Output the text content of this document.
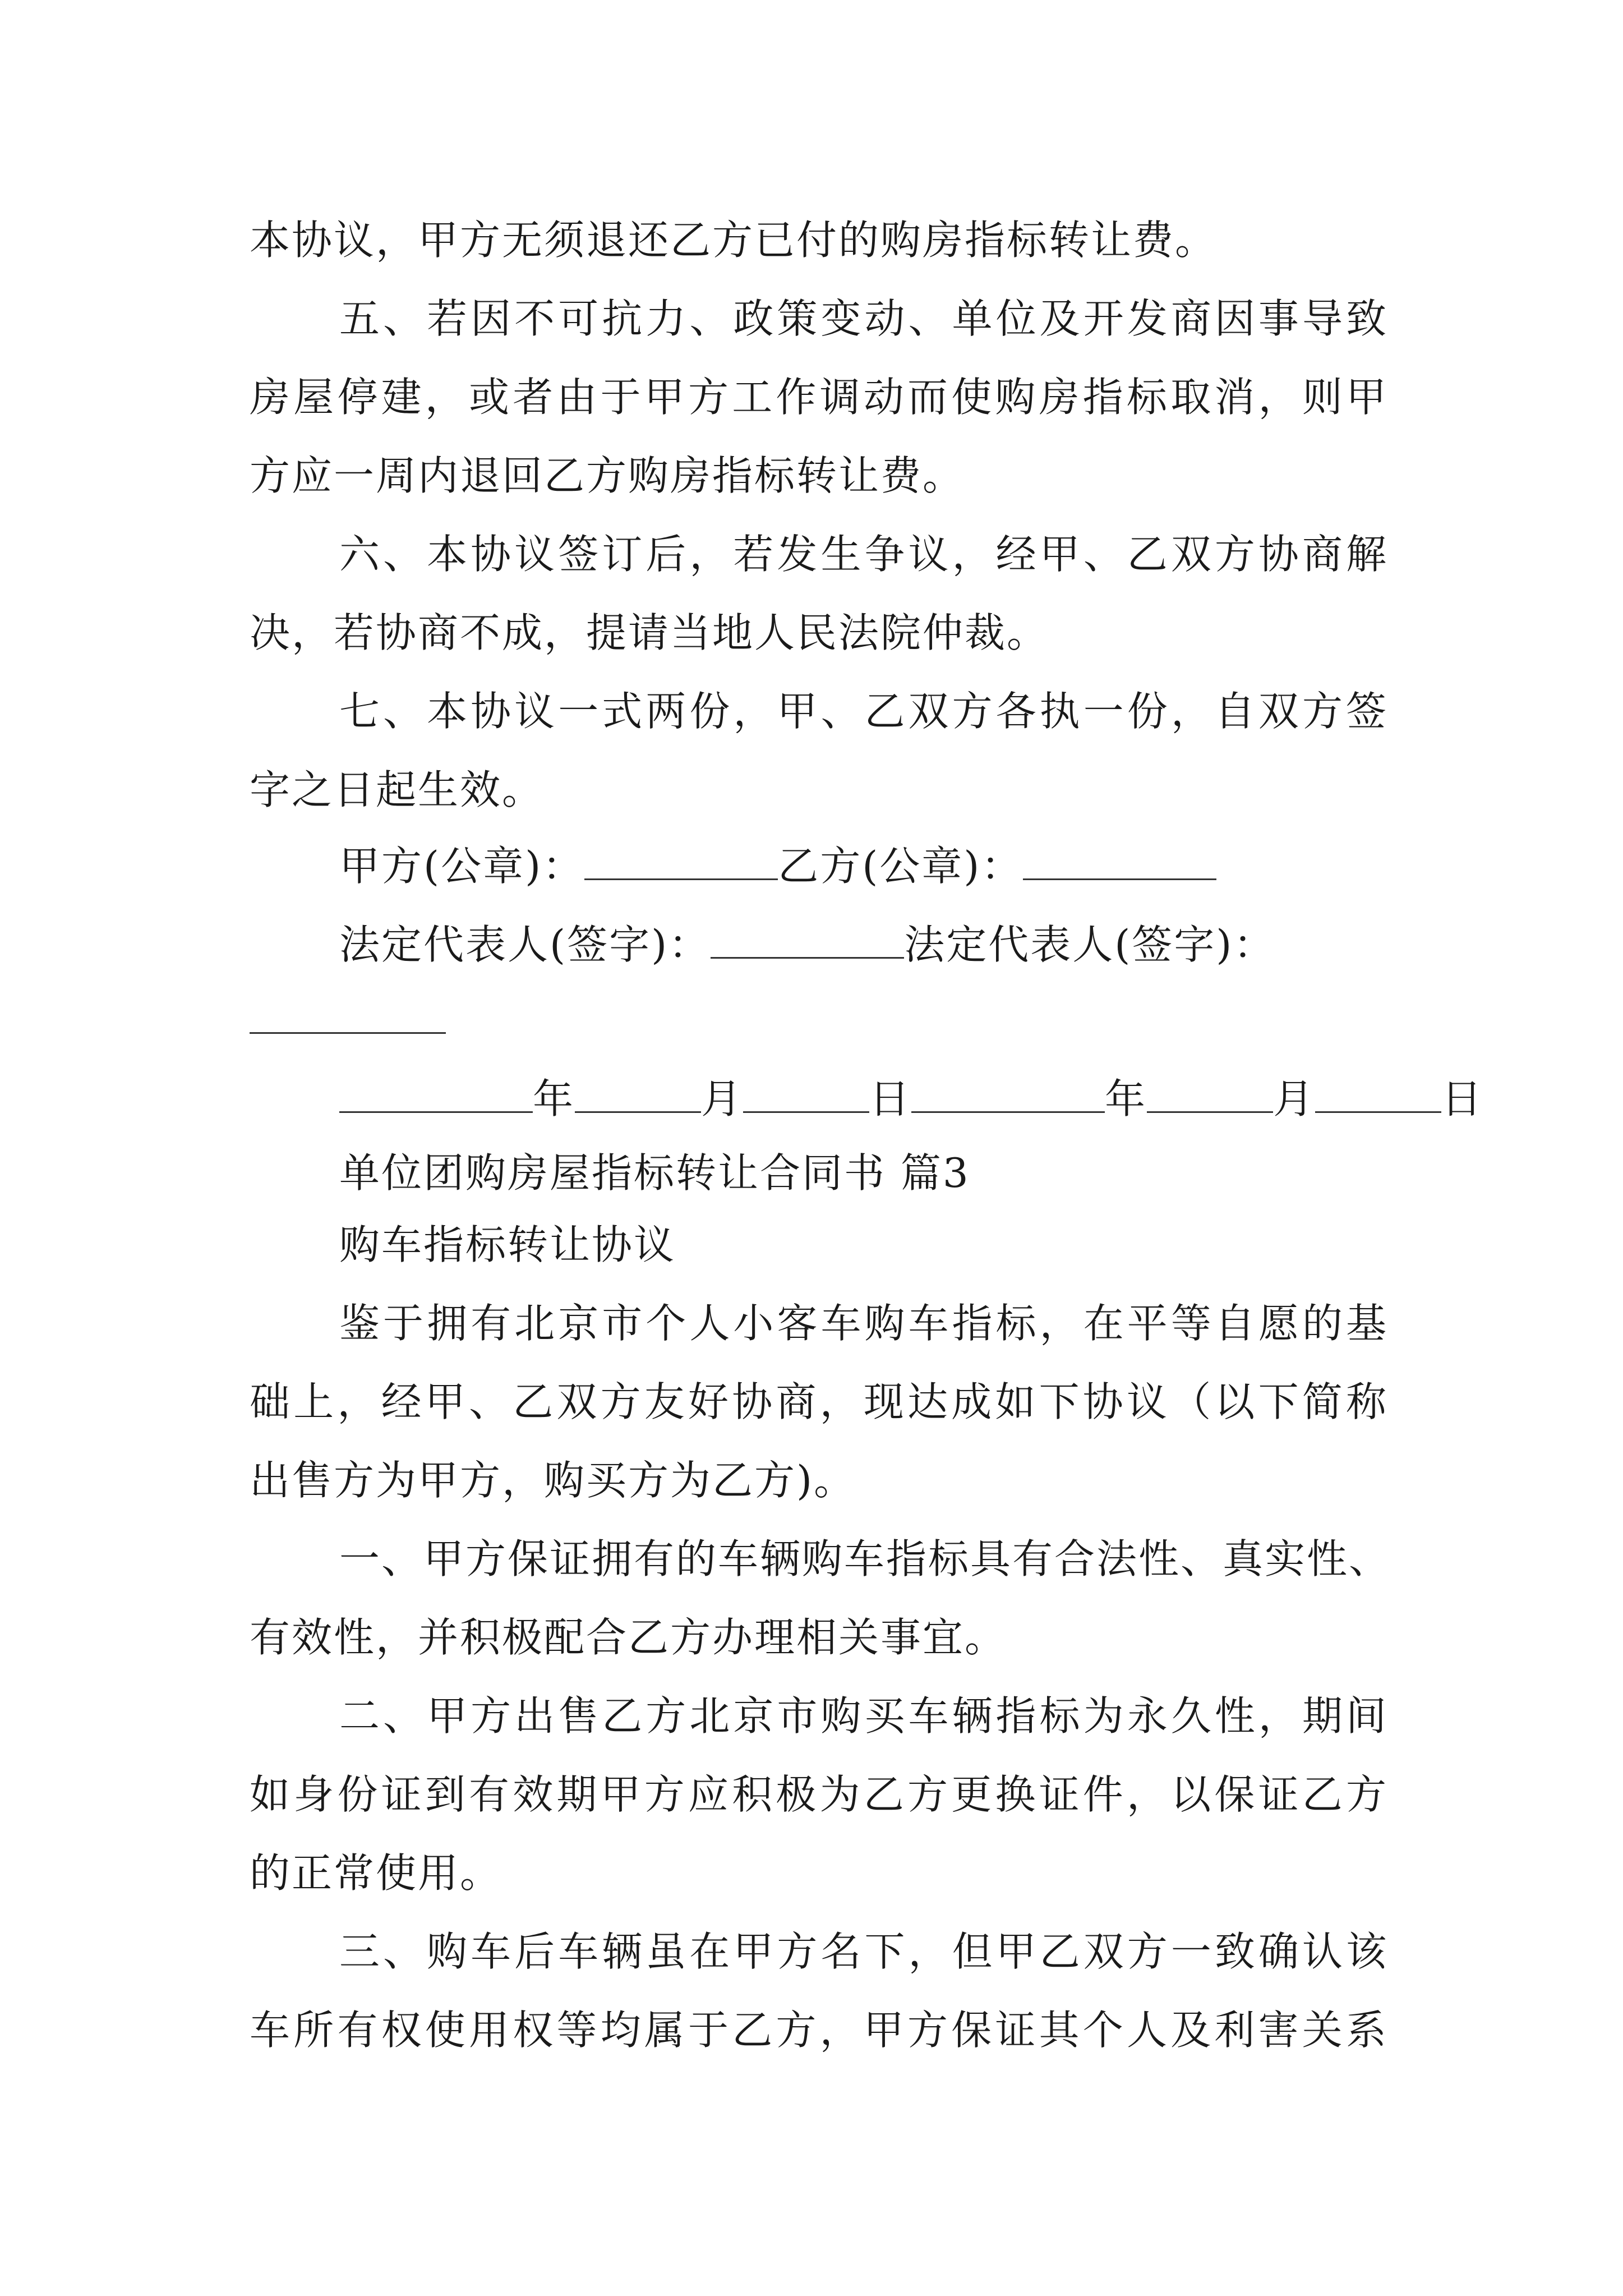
本协议，甲方无须退还乙方已付的购房指标转让费。
五、若因不可抗力、政策变动、单位及开发商因事导致
房屋停建，或者由于甲方工作调动而使购房指标取消，则甲
方应一周内退回乙方购房指标转让费。
六、本协议签订后，若发生争议，经甲、乙双方协商解
决，若协商不成，提请当地人民法院仲裁。
七、本协议一式两份，甲、乙双方各执一份，自双方签
字之日起生效。
甲方(公章)：	乙方(公章)：
法定代表人(签字)：	法定代表人(签字)：
年	月	日	年	月	日
单位团购房屋指标转让合同书 篇3
购车指标转让协议
鉴于拥有北京市个人小客车购车指标，在平等自愿的基
础上，经甲、乙双方友好协商，现达成如下协议（以下简称
出售方为甲方，购买方为乙方)。
一、甲方保证拥有的车辆购车指标具有合法性、真实性、
有效性，并积极配合乙方办理相关事宜。
二、甲方出售乙方北京市购买车辆指标为永久性，期间
如身份证到有效期甲方应积极为乙方更换证件，以保证乙方
的正常使用。
三、购车后车辆虽在甲方名下，但甲乙双方一致确认该
车所有权使用权等均属于乙方，甲方保证其个人及利害关系
